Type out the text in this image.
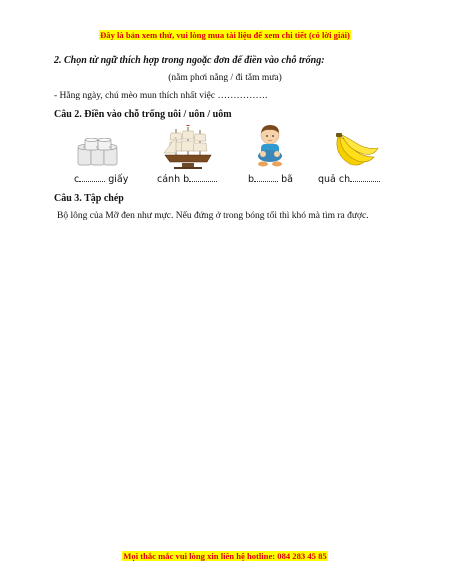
Đây là bản xem thử, vui lòng mua tài liệu để xem chi tiết (có lời giải)
2. Chọn từ ngữ thích hợp trong ngoặc đơn để điền vào chỗ trống:
(nằm phơi nắng / đi tắm mưa)
- Hằng ngày, chú mèo mun thích nhất việc …………….
Câu 2. Điền vào chỗ trống uôi / uôn / uôm
c	giấy	cánh b	b	bã	quả ch
Câu 3. Tập chép
Bộ lông của Mỡ đen như mực. Nếu đứng ở trong bóng tối thì khó mà tìm ra được.
Mọi thắc mắc vui lòng xin liên hệ hotline: 084 283 45 85
